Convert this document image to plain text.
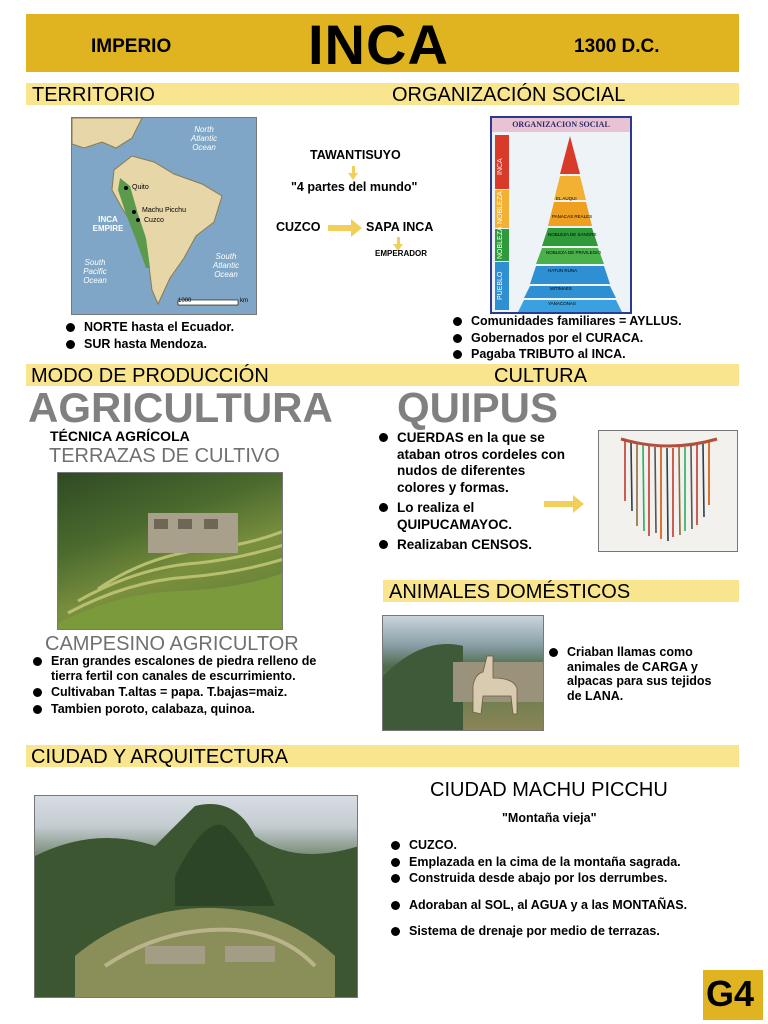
IMPERIO INCA	1300 D.C.
TERRITORIO	ORGANIZACIÓN SOCIAL
North Atlantic Ocean
INCA EMPIRE
Quito
Machu Picchu
Cuzco
South Pacific Ocean
South Atlantic Ocean
1000	km
TAWANTISUYO
"4 partes del mundo"
CUZCO	SAPA INCA
EMPERADOR
NORTE hasta el Ecuador.
SUR hasta Mendoza.
ORGANIZACION SOCIAL
INCA
NOBLEZA
NOBLEZA
PUEBLO
EL AUQUI
PANACAS REALES
NOBLEZA DE SANGRE
NOBLEZA DE PRIVILEGIO
HATUN RUNA
MITIMAES
YANACONAS
Comunidades familiares = AYLLUS.
Gobernados por el CURACA.
Pagaba TRIBUTO al INCA.
MODO DE PRODUCCIÓN	CULTURA
AGRICULTURA QUIPUS
TÉCNICA AGRÍCOLA
TERRAZAS DE CULTIVO
CAMPESINO AGRICULTOR
Eran grandes escalones de piedra relleno de tierra fertil con canales de escurrimiento.
Cultivaban T.altas = papa. T.bajas=maiz.
Tambien poroto, calabaza, quinoa.
CUERDAS en la que se ataban otros cordeles con nudos de diferentes colores y formas.
Lo realiza el QUIPUCAMAYOC.
Realizaban CENSOS.
ANIMALES DOMÉSTICOS
Criaban llamas como animales de CARGA y alpacas para sus tejidos de LANA.
CIUDAD Y ARQUITECTURA
CIUDAD MACHU PICCHU
"Montaña vieja"
CUZCO.
Emplazada en la cima de la montaña sagrada.
Construida desde abajo por los derrumbes.
Adoraban al SOL, al AGUA y a las MONTAÑAS.
Sistema de drenaje por medio de terrazas.
G4
